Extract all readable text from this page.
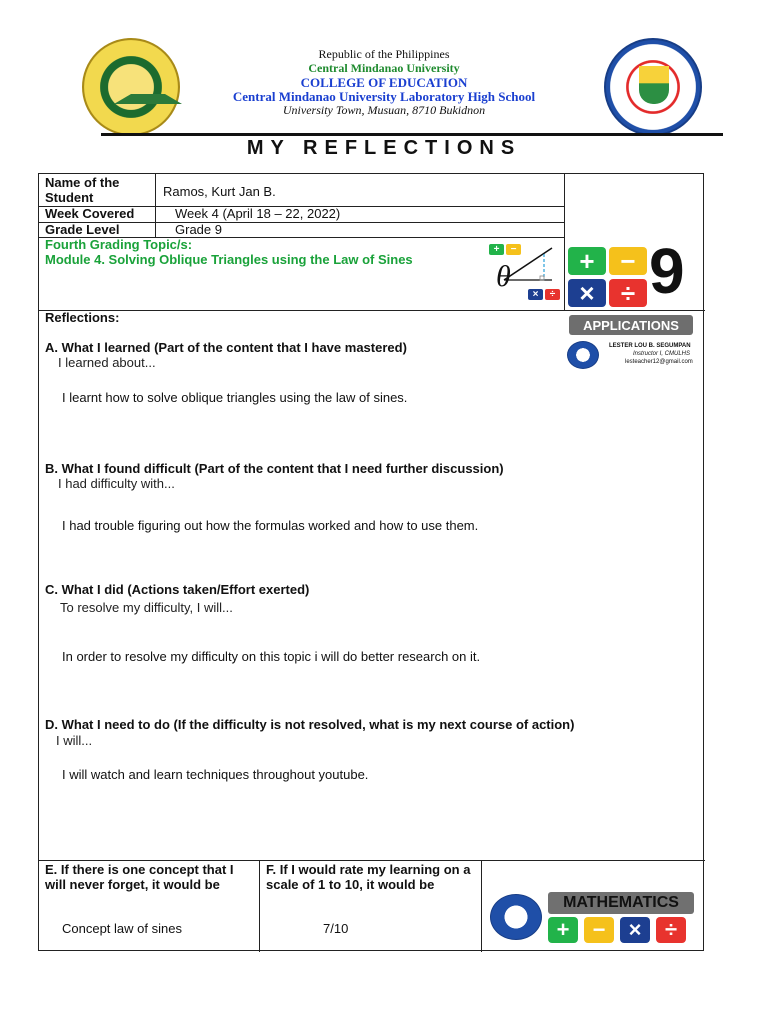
Republic of the Philippines
Central Mindanao University
COLLEGE OF EDUCATION
Central Mindanao University Laboratory High School
University Town, Musuan, 8710 Bukidnon
MY REFLECTIONS
Name of the Student	Ramos, Kurt Jan B.
Week Covered	Week 4 (April 18 – 22, 2022)
Grade Level	Grade 9
Fourth Grading Topic/s:
Module 4. Solving Oblique Triangles using the Law of Sines
+	−
×	÷
θ	+ −
×	÷ 9
APPLICATIONS
LESTER LOU B. SEGUMPAN
Instructor I, CMULHS
lesteacher12@gmail.com
Reflections:
A. What I learned (Part of the content that I have mastered)
I learned about...
I learnt how to solve oblique triangles using the law of sines.
B. What I found difficult (Part of the content that I need further discussion)
I had difficulty with...
I had trouble figuring out how the formulas worked and how to use them.
C. What I did (Actions taken/Effort exerted)
To resolve my difficulty, I will...
In order to resolve my difficulty on this topic i will do better research on it.
D. What I need to do (If the difficulty is not resolved, what is my next course of action)
I will...
I will watch and learn techniques throughout youtube.
E. If there is one concept that I will never forget, it would be
Concept law of sines
F. If I would rate my learning on a scale of 1 to 10, it would be
7/10
MATHEMATICS
+	−	×	÷
